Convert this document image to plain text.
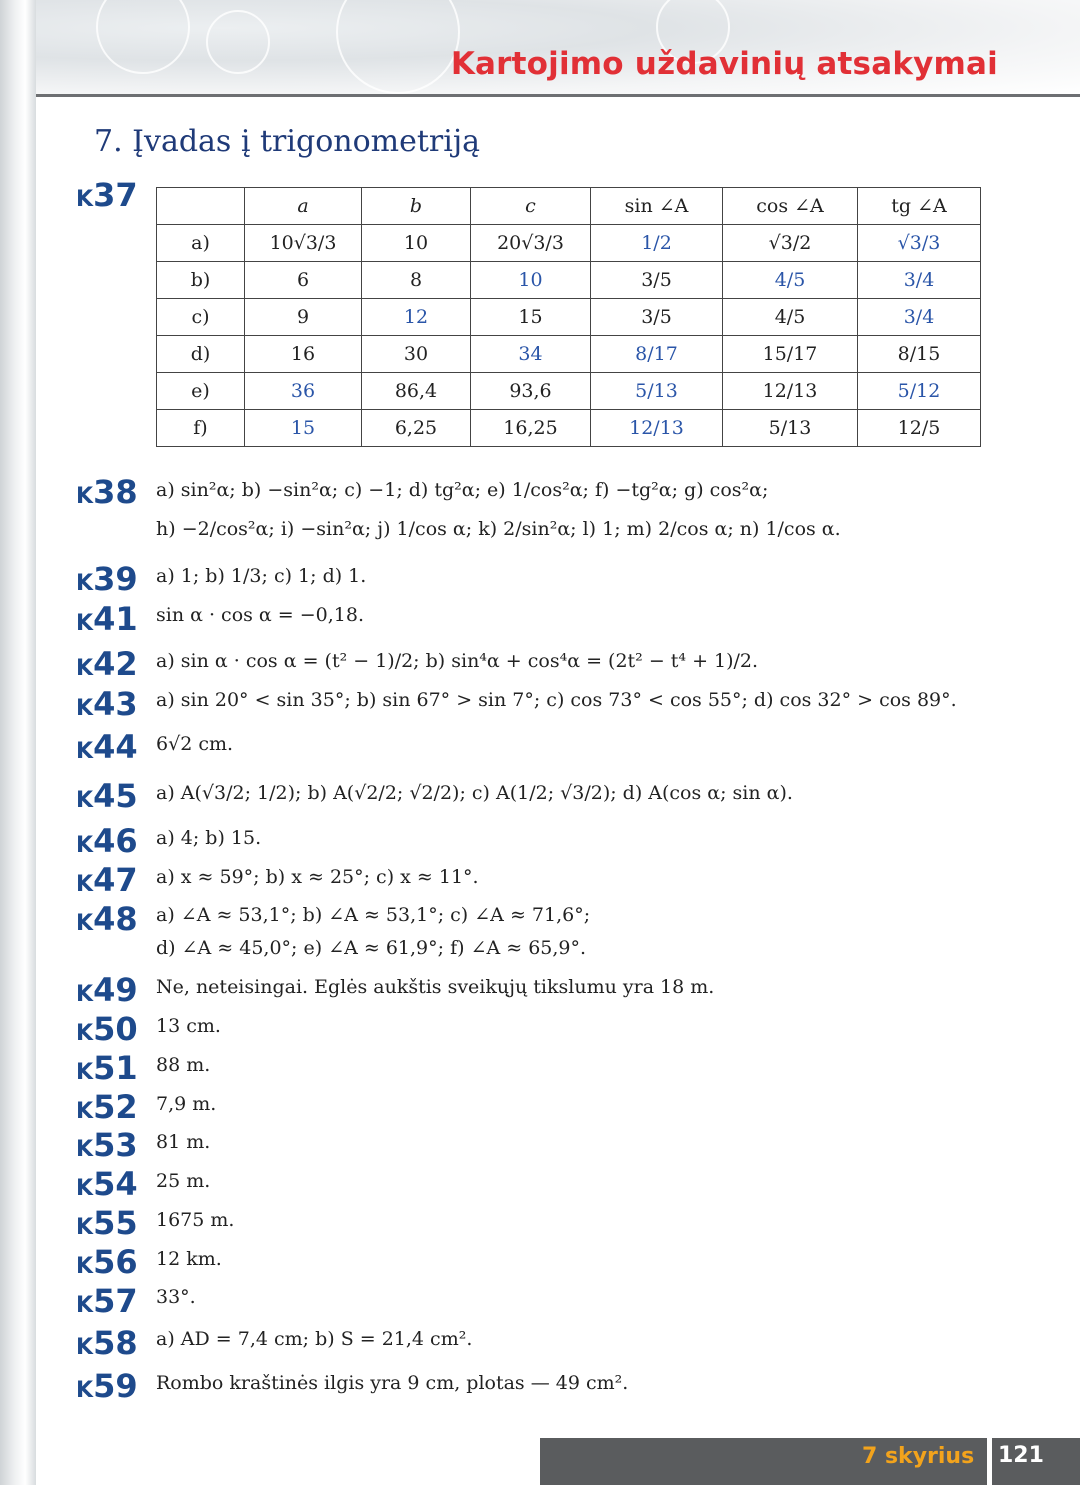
Kartojimo uždavinių atsakymai
7. Įvadas į trigonometriją
K37
		a	b	c	sin ∠A	cos ∠A	tg ∠A
a)	10√3/3	10	20√3/3	1/2	√3/2	√3/3
b)	6	8	10	3/5	4/5	3/4
c)	9	12	15	3/5	4/5	3/4
d)	16	30	34	8/17	15/17	8/15
e)	36	86,4	93,6	5/13	12/13	5/12
f)	15	6,25	16,25	12/13	5/13	12/5
K38 a) sin²α; b) −sin²α; c) −1; d) tg²α; e) 1/cos²α; f) −tg²α; g) cos²α;
h) −2/cos²α; i) −sin²α; j) 1/cos α; k) 2/sin²α; l) 1; m) 2/cos α; n) 1/cos α.
K39 a) 1; b) 1/3; c) 1; d) 1.
K41 sin α · cos α = −0,18.
K42 a) sin α · cos α = (t² − 1)/2; b) sin⁴α + cos⁴α = (2t² − t⁴ + 1)/2.
K43 a) sin 20° < sin 35°; b) sin 67° > sin 7°; c) cos 73° < cos 55°; d) cos 32° > cos 89°.
K44 6√2 cm.
K45 a) A(√3/2; 1/2); b) A(√2/2; √2/2); c) A(1/2; √3/2); d) A(cos α; sin α).
K46 a) 4; b) 15.
K47 a) x ≈ 59°; b) x ≈ 25°; c) x ≈ 11°.
K48 a) ∠A ≈ 53,1°; b) ∠A ≈ 53,1°; c) ∠A ≈ 71,6°;
d) ∠A ≈ 45,0°; e) ∠A ≈ 61,9°; f) ∠A ≈ 65,9°.
K49 Ne, neteisingai. Eglės aukštis sveikųjų tikslumu yra 18 m.
K50 13 cm.
K51 88 m.
K52 7,9 m.
K53 81 m.
K54 25 m.
K55 1675 m.
K56 12 km.
K57 33°.
K58 a) AD = 7,4 cm; b) S = 21,4 cm².
K59 Rombo kraštinės ilgis yra 9 cm, plotas — 49 cm².
7 skyrius 121
